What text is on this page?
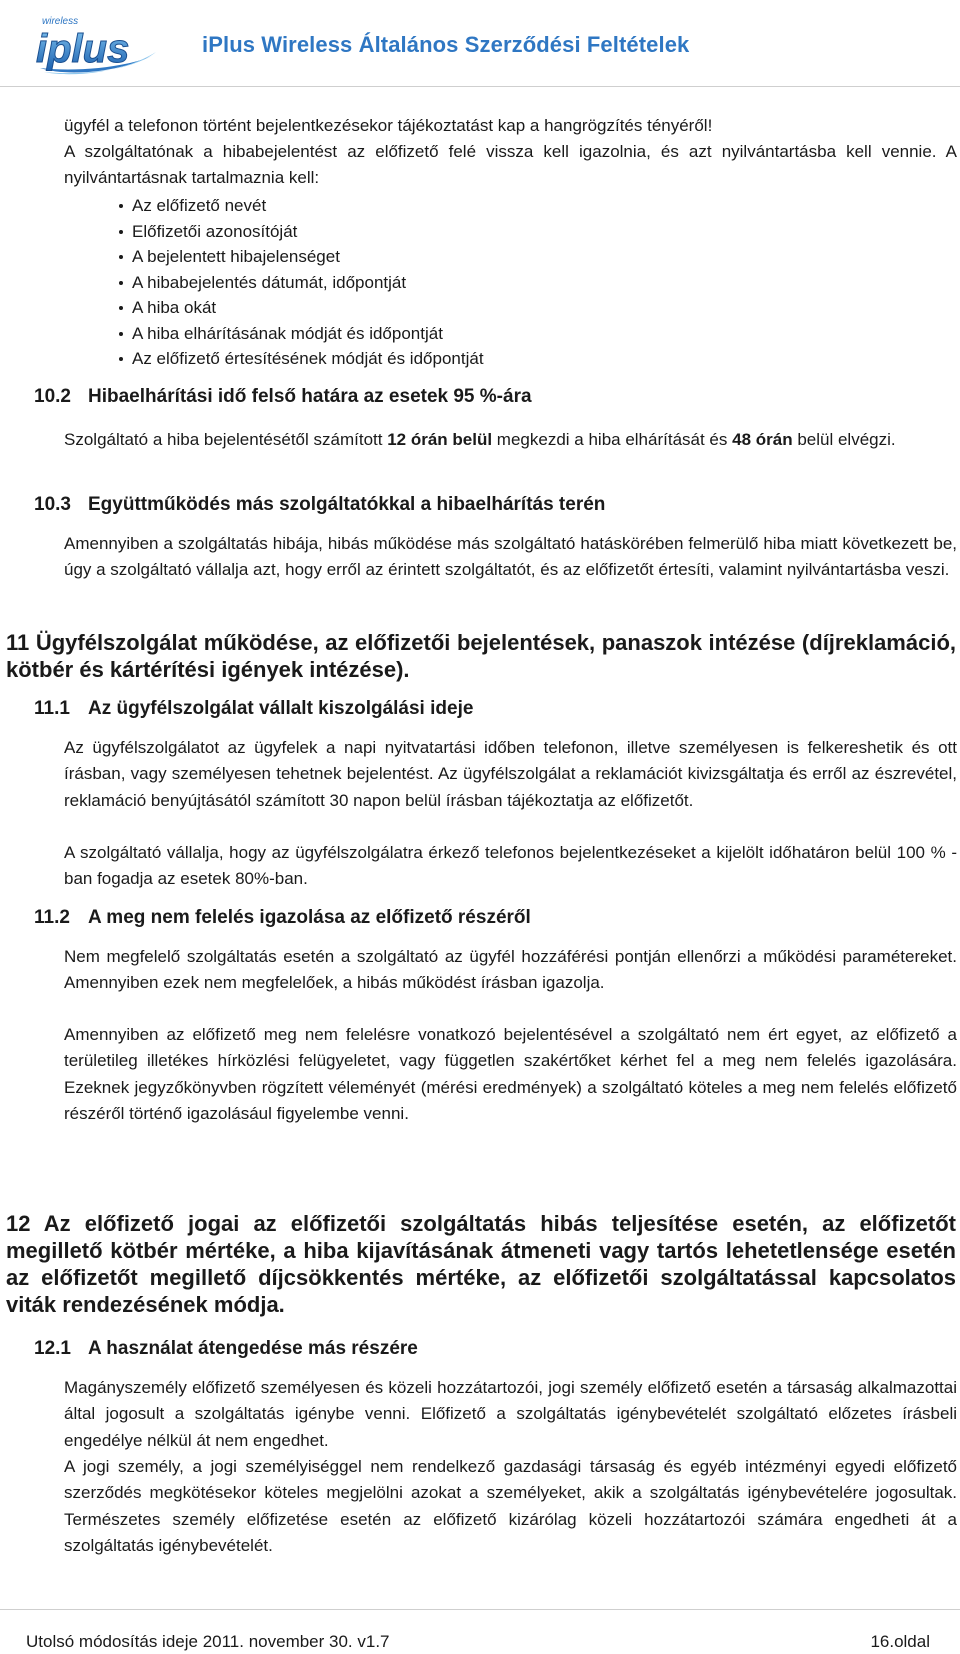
wireless
iplus	iPlus Wireless Általános Szerződési Feltételek

ügyfél a telefonon történt bejelentkezésekor tájékoztatást kap a hangrögzítés tényéről!

A szolgáltatónak a hibabejelentést az előfizető felé vissza kell igazolnia, és azt nyilvántartásba kell vennie. A nyilvántartásnak tartalmaznia kell:

Az előfizető nevét
Előfizetői azonosítóját
A bejelentett hibajelenséget
A hibabejelentés dátumát, időpontját
A hiba okát
A hiba elhárításának módját és időpontját
Az előfizető értesítésének módját és időpontját
10.2 Hibaelhárítási idő felső határa az esetek 95 %-ára

Szolgáltató a hiba bejelentésétől számított 12 órán belül megkezdi a hiba elhárítását és 48 órán belül elvégzi.

10.3 Együttműködés más szolgáltatókkal a hibaelhárítás terén

Amennyiben a szolgáltatás hibája, hibás működése más szolgáltató hatáskörében felmerülő hiba miatt következett be, úgy a szolgáltató vállalja azt, hogy erről az érintett szolgáltatót, és az előfizetőt értesíti, valamint nyilvántartásba veszi.

11 Ügyfélszolgálat működése, az előfizetői bejelentések, panaszok intézése (díjreklamáció, kötbér és kártérítési igények intézése).

11.1 Az ügyfélszolgálat vállalt kiszolgálási ideje

Az ügyfélszolgálatot az ügyfelek a napi nyitvatartási időben telefonon, illetve személyesen is felkereshetik és ott írásban, vagy személyesen tehetnek bejelentést. Az ügyfélszolgálat a reklamációt kivizsgáltatja és erről az észrevétel, reklamáció benyújtásától számított 30 napon belül írásban tájékoztatja az előfizetőt.

A szolgáltató vállalja, hogy az ügyfélszolgálatra érkező telefonos bejelentkezéseket a kijelölt időhatáron belül 100 % -ban fogadja az esetek 80%-ban.

11.2 A meg nem felelés igazolása az előfizető részéről

Nem megfelelő szolgáltatás esetén a szolgáltató az ügyfél hozzáférési pontján ellenőrzi a működési paramétereket. Amennyiben ezek nem megfelelőek, a hibás működést írásban igazolja.

Amennyiben az előfizető meg nem felelésre vonatkozó bejelentésével a szolgáltató nem ért egyet, az előfizető a területileg illetékes hírközlési felügyeletet, vagy független szakértőket kérhet fel a meg nem felelés igazolására. Ezeknek jegyzőkönyvben rögzített véleményét (mérési eredmények) a szolgáltató köteles a meg nem felelés előfizető részéről történő igazolásául figyelembe venni.

12 Az előfizető jogai az előfizetői szolgáltatás hibás teljesítése esetén, az előfizetőt megillető kötbér mértéke, a hiba kijavításának átmeneti vagy tartós lehetetlensége esetén az előfizetőt megillető díjcsökkentés mértéke, az előfizetői szolgáltatással kapcsolatos viták rendezésének módja.

12.1 A használat átengedése más részére

Magányszemély előfizető személyesen és közeli hozzátartozói, jogi személy előfizető esetén a társaság alkalmazottai által jogosult a szolgáltatás igénybe venni. Előfizető a szolgáltatás igénybevételét szolgáltató előzetes írásbeli engedélye nélkül át nem engedhet.

A jogi személy, a jogi személyiséggel nem rendelkező gazdasági társaság és egyéb intézményi egyedi előfizető szerződés megkötésekor köteles megjelölni azokat a személyeket, akik a szolgáltatás igénybevételére jogosultak. Természetes személy előfizetése esetén az előfizető kizárólag közeli hozzátartozói számára engedheti át a szolgáltatás igénybevételét.

Utolsó módosítás ideje 2011. november 30. v1.7	16.oldal
